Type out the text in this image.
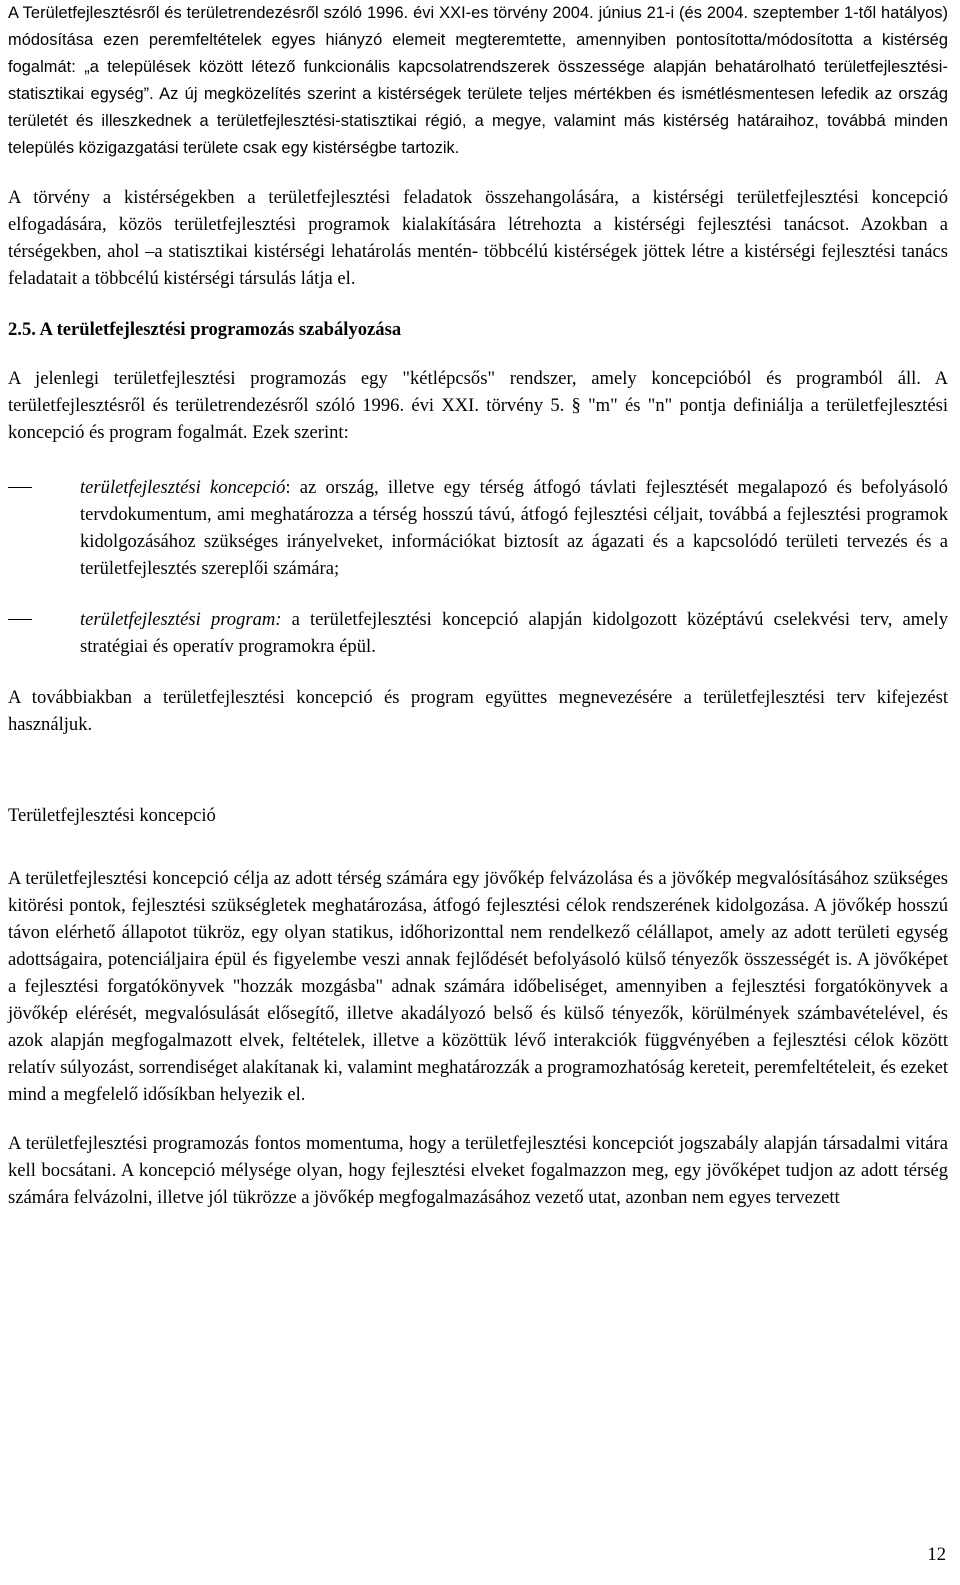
A Területfejlesztésről és területrendezésről szóló 1996. évi XXI-es törvény 2004. június 21-i (és 2004. szeptember 1-től hatályos) módosítása ezen peremfeltételek egyes hiányzó elemeit megteremtette, amennyiben pontosította/módosította a kistérség fogalmát: „a települések között létező funkcionális kapcsolatrendszerek összessége alapján behatárolható területfejlesztési-statisztikai egység”. Az új megközelítés szerint a kistérségek területe teljes mértékben és ismétlésmentesen lefedik az ország területét és illeszkednek a területfejlesztési-statisztikai régió, a megye, valamint más kistérség határaihoz, továbbá minden település közigazgatási területe csak egy kistérségbe tartozik.

A törvény a kistérségekben a területfejlesztési feladatok összehangolására, a kistérségi területfejlesztési koncepció elfogadására, közös területfejlesztési programok kialakítására létrehozta a kistérségi fejlesztési tanácsot. Azokban a térségekben, ahol –a statisztikai kistérségi lehatárolás mentén- többcélú kistérségek jöttek létre a kistérségi fejlesztési tanács feladatait a többcélú kistérségi társulás látja el.

2.5. A területfejlesztési programozás szabályozása

A jelenlegi területfejlesztési programozás egy "kétlépcsős" rendszer, amely koncepcióból és programból áll. A területfejlesztésről és területrendezésről szóló 1996. évi XXI. törvény 5. § "m" és "n" pontja definiálja a területfejlesztési koncepció és program fogalmát. Ezek szerint:

területfejlesztési koncepció: az ország, illetve egy térség átfogó távlati fejlesztését megalapozó és befolyásoló tervdokumentum, ami meghatározza a térség hosszú távú, átfogó fejlesztési céljait, továbbá a fejlesztési programok kidolgozásához szükséges irányelveket, információkat biztosít az ágazati és a kapcsolódó területi tervezés és a területfejlesztés szereplői számára;

területfejlesztési program: a területfejlesztési koncepció alapján kidolgozott középtávú cselekvési terv, amely stratégiai és operatív programokra épül.

A továbbiakban a területfejlesztési koncepció és program együttes megnevezésére a területfejlesztési terv kifejezést használjuk.

Területfejlesztési koncepció

A területfejlesztési koncepció célja az adott térség számára egy jövőkép felvázolása és a jövőkép megvalósításához szükséges kitörési pontok, fejlesztési szükségletek meghatározása, átfogó fejlesztési célok rendszerének kidolgozása. A jövőkép hosszú távon elérhető állapotot tükröz, egy olyan statikus, időhorizonttal nem rendelkező célállapot, amely az adott területi egység adottságaira, potenciáljaira épül és figyelembe veszi annak fejlődését befolyásoló külső tényezők összességét is. A jövőképet a fejlesztési forgatókönyvek "hozzák mozgásba" adnak számára időbeliséget, amennyiben a fejlesztési forgatókönyvek a jövőkép elérését, megvalósulását elősegítő, illetve akadályozó belső és külső tényezők, körülmények számbavételével, és azok alapján megfogalmazott elvek, feltételek, illetve a közöttük lévő interakciók függvényében a fejlesztési célok között relatív súlyozást, sorrendiséget alakítanak ki, valamint meghatározzák a programozhatóság kereteit, peremfeltételeit, és ezeket mind a megfelelő idősíkban helyezik el.

A területfejlesztési programozás fontos momentuma, hogy a területfejlesztési koncepciót jogszabály alapján társadalmi vitára kell bocsátani. A koncepció mélysége olyan, hogy fejlesztési elveket fogalmazzon meg, egy jövőképet tudjon az adott térség számára felvázolni, illetve jól tükrözze a jövőkép megfogalmazásához vezető utat, azonban nem egyes tervezett

12
